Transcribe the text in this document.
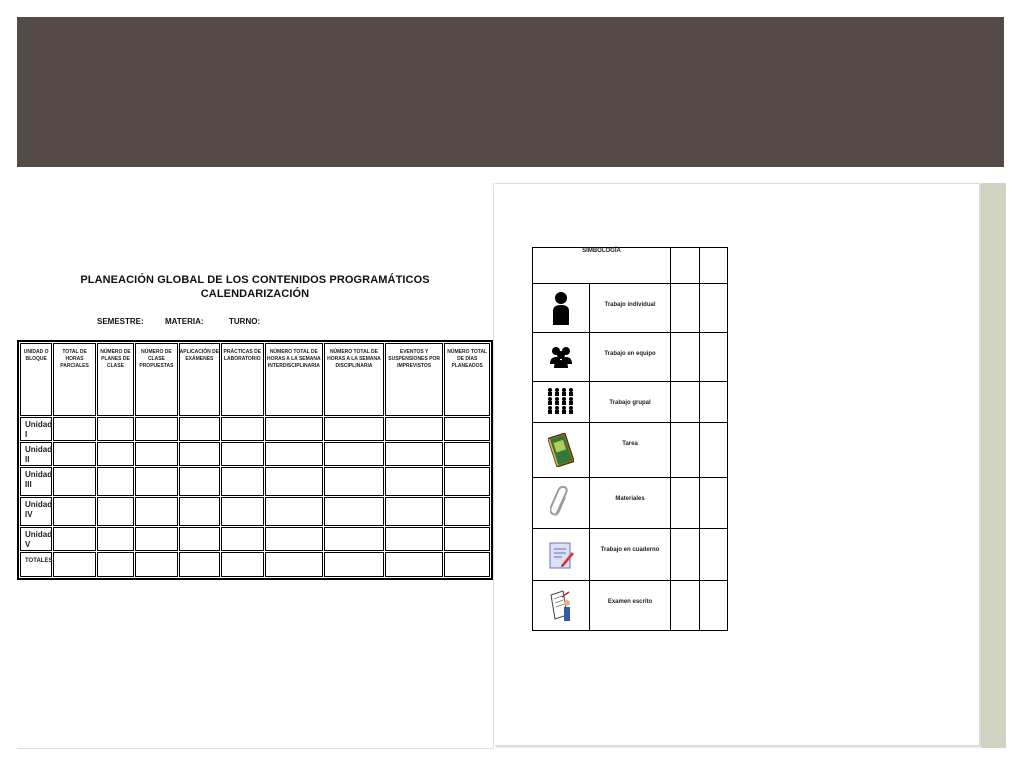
PLANEACIÓN GLOBAL DE LOS CONTENIDOS PROGRAMÁTICOS
CALENDARIZACIÓN
SEMESTRE:	MATERIA:	TURNO:
UNIDAD O BLOQUE	TOTAL DE HORAS PARCIALES	NÚMERO DE PLANES DE CLASE	NÚMERO DE CLASE PROPUESTAS	APLICACIÓN DE EXÁMENES	PRÁCTICAS DE LABORATORIO	NÚMERO TOTAL DE HORAS A LA SEMANA INTERDISCIPLINARIA	NÚMERO TOTAL DE HORAS A LA SEMANA DISCIPLINARIA	EVENTOS Y SUSPENSIONES POR IMPREVISTOS	NÚMERO TOTAL DE DÍAS PLANEADOS
Unidad I									
Unidad II									
Unidad III									
Unidad IV									
Unidad V									
TOTALES									
SIMBOLOGÍA			

	Trabajo individual		

	Trabajo en equipo		

	Trabajo grupal		

	Tarea		

	Materiales		

	Trabajo en cuaderno		

	Examen escrito		
